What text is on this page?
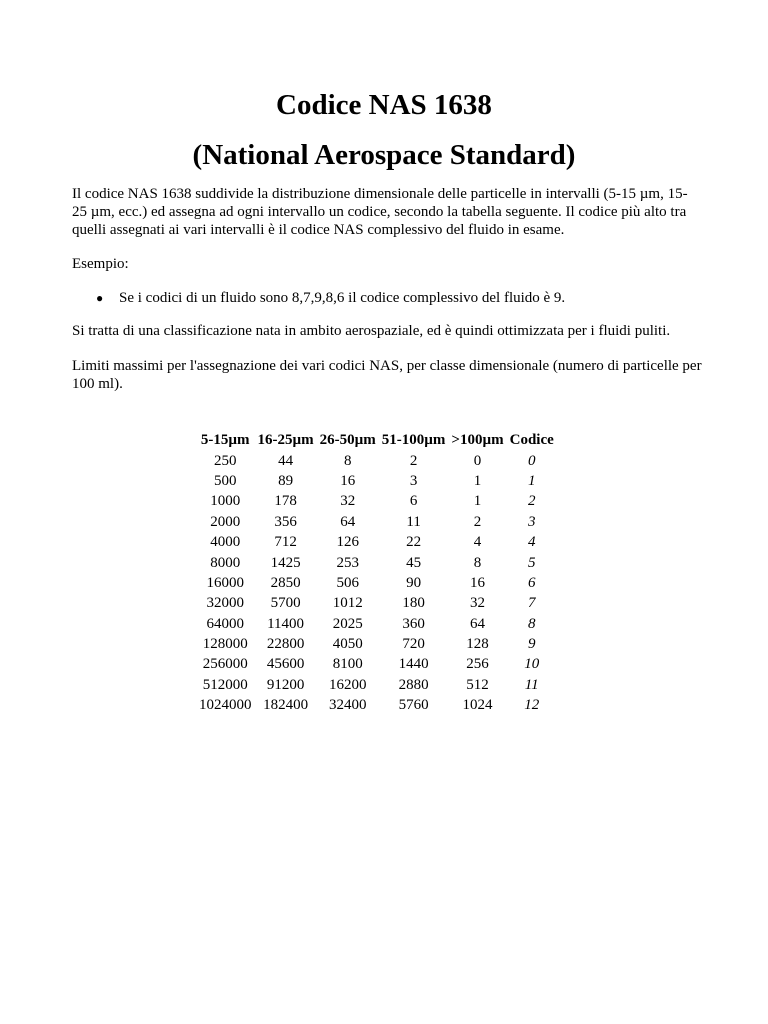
Codice NAS 1638
(National Aerospace Standard)

Il codice NAS 1638 suddivide la distribuzione dimensionale delle particelle in intervalli (5-15 µm, 15-25 µm, ecc.) ed assegna ad ogni intervallo un codice, secondo la tabella seguente. Il codice più alto tra quelli assegnati ai vari intervalli è il codice NAS complessivo del fluido in esame.

Esempio:

● Se i codici di un fluido sono 8,7,9,8,6 il codice complessivo del fluido è 9.

Si tratta di una classificazione nata in ambito aerospaziale, ed è quindi ottimizzata per i fluidi puliti.

Limiti massimi per l'assegnazione dei vari codici NAS, per classe dimensionale (numero di particelle per 100 ml).

5-15µm	16-25µm	26-50µm	51-100µm	>100µm	Codice
250	44	8	2	0	0
500	89	16	3	1	1
1000	178	32	6	1	2
2000	356	64	11	2	3
4000	712	126	22	4	4
8000	1425	253	45	8	5
16000	2850	506	90	16	6
32000	5700	1012	180	32	7
64000	11400	2025	360	64	8
128000	22800	4050	720	128	9
256000	45600	8100	1440	256	10
512000	91200	16200	2880	512	11
1024000	182400	32400	5760	1024	12
